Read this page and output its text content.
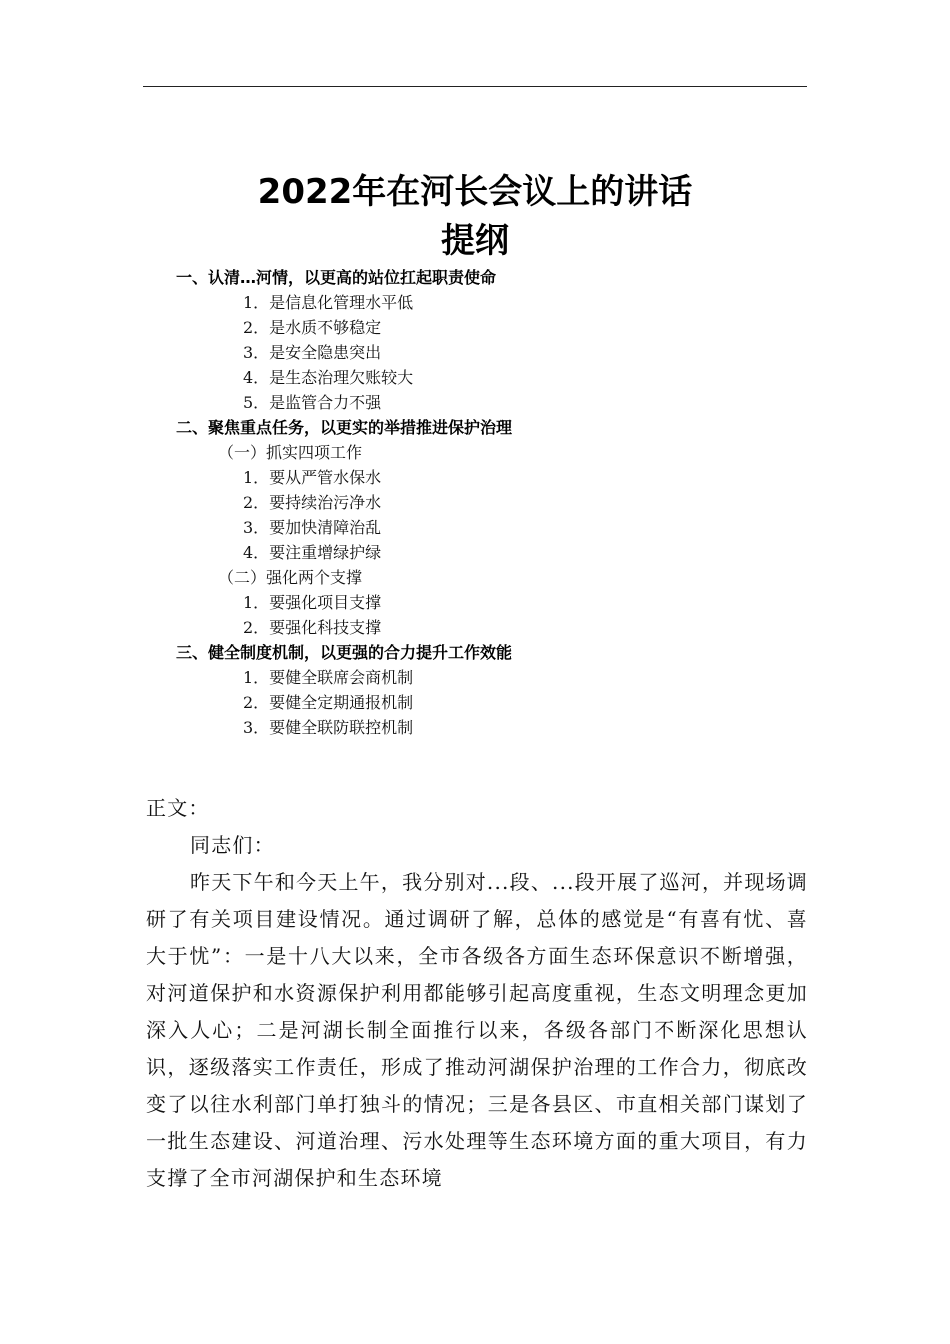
2022年在河长会议上的讲话
提纲
一、认清…河情，以更高的站位扛起职责使命
1．是信息化管理水平低
2．是水质不够稳定
3．是安全隐患突出
4．是生态治理欠账较大
5．是监管合力不强
二、聚焦重点任务，以更实的举措推进保护治理
（一）抓实四项工作
1．要从严管水保水
2．要持续治污净水
3．要加快清障治乱
4．要注重增绿护绿
（二）强化两个支撑
1．要强化项目支撑
2．要强化科技支撑
三、健全制度机制，以更强的合力提升工作效能
1．要健全联席会商机制
2．要健全定期通报机制
3．要健全联防联控机制
正文：
同志们：
昨天下午和今天上午，我分别对...段、...段开展了巡河，并现场调研了有关项目建设情况。通过调研了解，总体的感觉是“有喜有忧、喜大于忧”：一是十八大以来，全市各级各方面生态环保意识不断增强，对河道保护和水资源保护利用都能够引起高度重视，生态文明理念更加深入人心；二是河湖长制全面推行以来，各级各部门不断深化思想认识，逐级落实工作责任，形成了推动河湖保护治理的工作合力，彻底改变了以往水利部门单打独斗的情况；三是各县区、市直相关部门谋划了一批生态建设、河道治理、污水处理等生态环境方面的重大项目，有力支撑了全市河湖保护和生态环境
